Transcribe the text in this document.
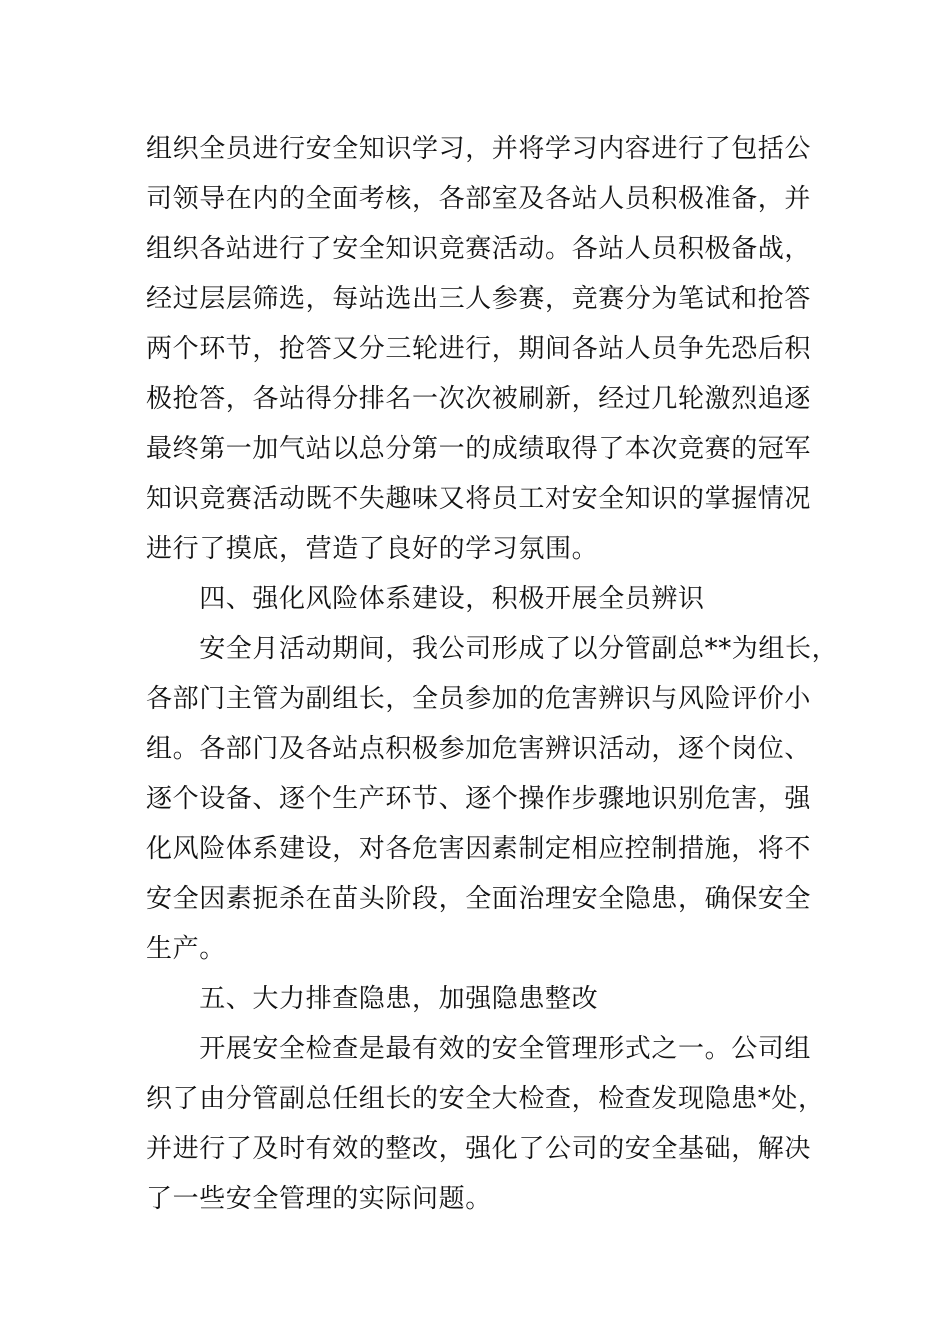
组织全员进行安全知识学习，并将学习内容进行了包括公
司领导在内的全面考核，各部室及各站人员积极准备，并
组织各站进行了安全知识竞赛活动。各站人员积极备战，
经过层层筛选，每站选出三人参赛，竞赛分为笔试和抢答
两个环节，抢答又分三轮进行，期间各站人员争先恐后积
极抢答，各站得分排名一次次被刷新，经过几轮激烈追逐
最终第一加气站以总分第一的成绩取得了本次竞赛的冠军
知识竞赛活动既不失趣味又将员工对安全知识的掌握情况
进行了摸底，营造了良好的学习氛围。
　　四、强化风险体系建设，积极开展全员辨识
　　安全月活动期间，我公司形成了以分管副总**为组长，
各部门主管为副组长，全员参加的危害辨识与风险评价小
组。各部门及各站点积极参加危害辨识活动，逐个岗位、
逐个设备、逐个生产环节、逐个操作步骤地识别危害，强
化风险体系建设，对各危害因素制定相应控制措施，将不
安全因素扼杀在苗头阶段，全面治理安全隐患，确保安全
生产。
　　五、大力排查隐患，加强隐患整改
　　开展安全检查是最有效的安全管理形式之一。公司组
织了由分管副总任组长的安全大检查，检查发现隐患*处，
并进行了及时有效的整改，强化了公司的安全基础，解决
了一些安全管理的实际问题。
